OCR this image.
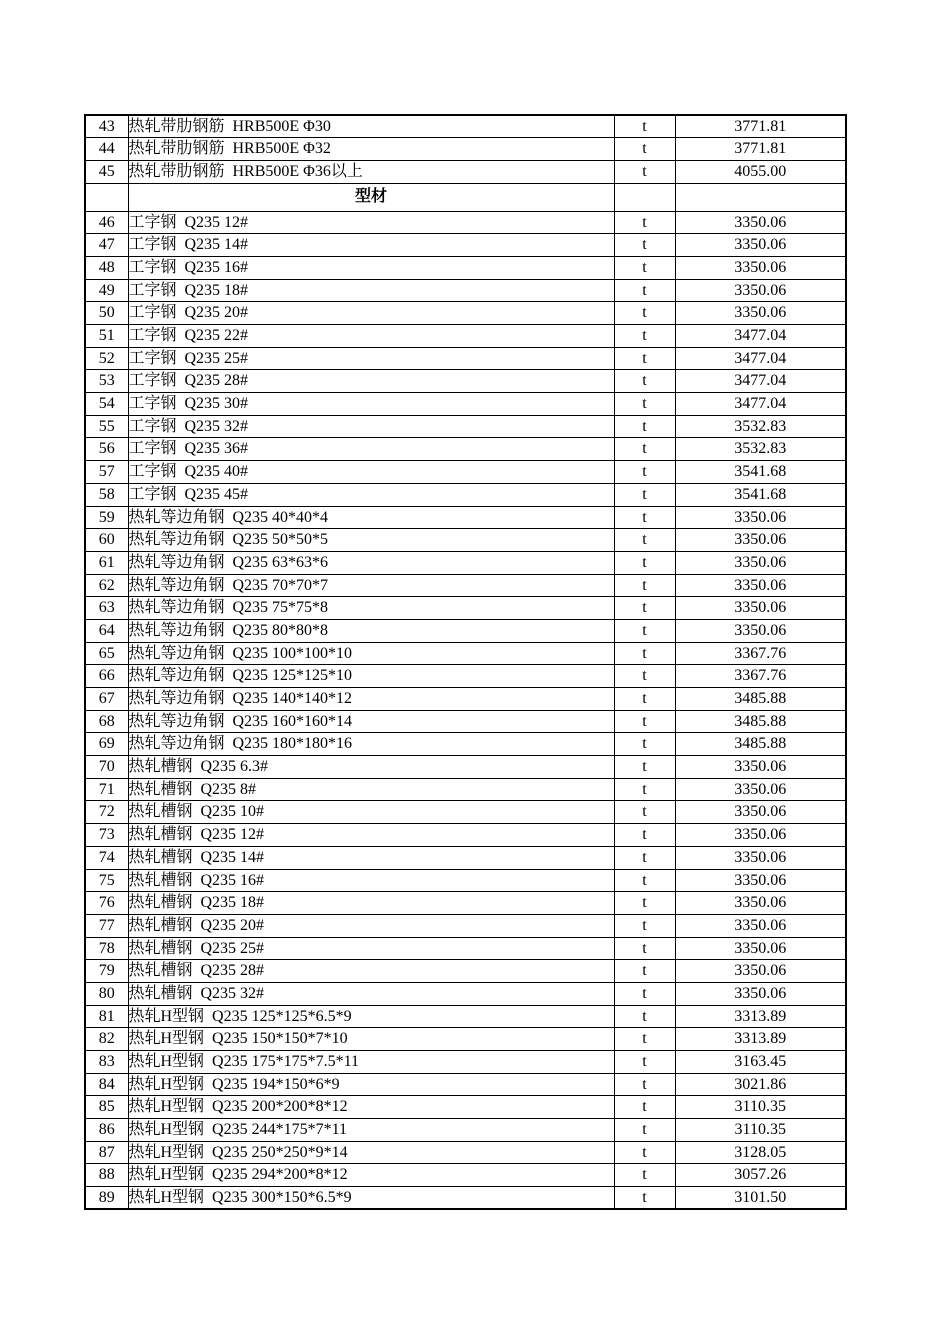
43	热轧带肋钢筋  HRB500E Φ30	t	3771.81
44	热轧带肋钢筋  HRB500E Φ32	t	3771.81
45	热轧带肋钢筋  HRB500E Φ36以上	t	4055.00
	型材		
46	工字钢  Q235 12#	t	3350.06
47	工字钢  Q235 14#	t	3350.06
48	工字钢  Q235 16#	t	3350.06
49	工字钢  Q235 18#	t	3350.06
50	工字钢  Q235 20#	t	3350.06
51	工字钢  Q235 22#	t	3477.04
52	工字钢  Q235 25#	t	3477.04
53	工字钢  Q235 28#	t	3477.04
54	工字钢  Q235 30#	t	3477.04
55	工字钢  Q235 32#	t	3532.83
56	工字钢  Q235 36#	t	3532.83
57	工字钢  Q235 40#	t	3541.68
58	工字钢  Q235 45#	t	3541.68
59	热轧等边角钢  Q235 40*40*4	t	3350.06
60	热轧等边角钢  Q235 50*50*5	t	3350.06
61	热轧等边角钢  Q235 63*63*6	t	3350.06
62	热轧等边角钢  Q235 70*70*7	t	3350.06
63	热轧等边角钢  Q235 75*75*8	t	3350.06
64	热轧等边角钢  Q235 80*80*8	t	3350.06
65	热轧等边角钢  Q235 100*100*10	t	3367.76
66	热轧等边角钢  Q235 125*125*10	t	3367.76
67	热轧等边角钢  Q235 140*140*12	t	3485.88
68	热轧等边角钢  Q235 160*160*14	t	3485.88
69	热轧等边角钢  Q235 180*180*16	t	3485.88
70	热轧槽钢  Q235 6.3#	t	3350.06
71	热轧槽钢  Q235 8#	t	3350.06
72	热轧槽钢  Q235 10#	t	3350.06
73	热轧槽钢  Q235 12#	t	3350.06
74	热轧槽钢  Q235 14#	t	3350.06
75	热轧槽钢  Q235 16#	t	3350.06
76	热轧槽钢  Q235 18#	t	3350.06
77	热轧槽钢  Q235 20#	t	3350.06
78	热轧槽钢  Q235 25#	t	3350.06
79	热轧槽钢  Q235 28#	t	3350.06
80	热轧槽钢  Q235 32#	t	3350.06
81	热轧H型钢  Q235 125*125*6.5*9	t	3313.89
82	热轧H型钢  Q235 150*150*7*10	t	3313.89
83	热轧H型钢  Q235 175*175*7.5*11	t	3163.45
84	热轧H型钢  Q235 194*150*6*9	t	3021.86
85	热轧H型钢  Q235 200*200*8*12	t	3110.35
86	热轧H型钢  Q235 244*175*7*11	t	3110.35
87	热轧H型钢  Q235 250*250*9*14	t	3128.05
88	热轧H型钢  Q235 294*200*8*12	t	3057.26
89	热轧H型钢  Q235 300*150*6.5*9	t	3101.50
